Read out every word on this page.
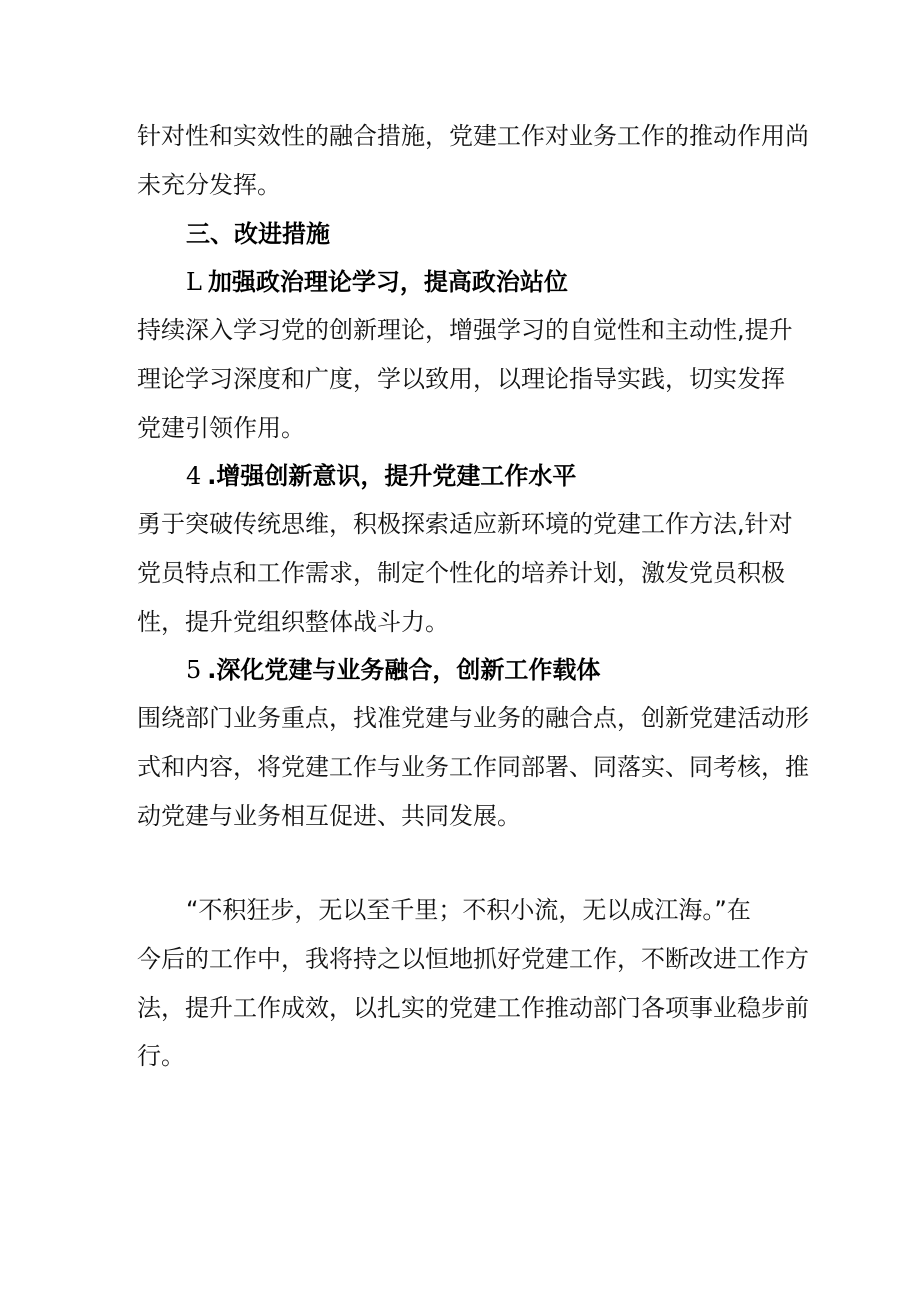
针对性和实效性的融合措施，党建工作对业务工作的推动作用尚
未充分发挥。
三、改进措施
L 加强政治理论学习，提高政治站位
持续深入学习党的创新理论，增强学习的自觉性和主动性,提升
理论学习深度和广度，学以致用，以理论指导实践，切实发挥
党建引领作用。
4 .增强创新意识，提升党建工作水平
勇于突破传统思维，积极探索适应新环境的党建工作方法,针对
党员特点和工作需求，制定个性化的培养计划，激发党员积极
性，提升党组织整体战斗力。
5 .深化党建与业务融合，创新工作载体
围绕部门业务重点，找准党建与业务的融合点，创新党建活动形
式和内容，将党建工作与业务工作同部署、同落实、同考核，推
动党建与业务相互促进、共同发展。
“不积狂步，无以至千里；不积小流，无以成江海。”在
今后的工作中，我将持之以恒地抓好党建工作，不断改进工作方
法，提升工作成效，以扎实的党建工作推动部门各项事业稳步前
行。
